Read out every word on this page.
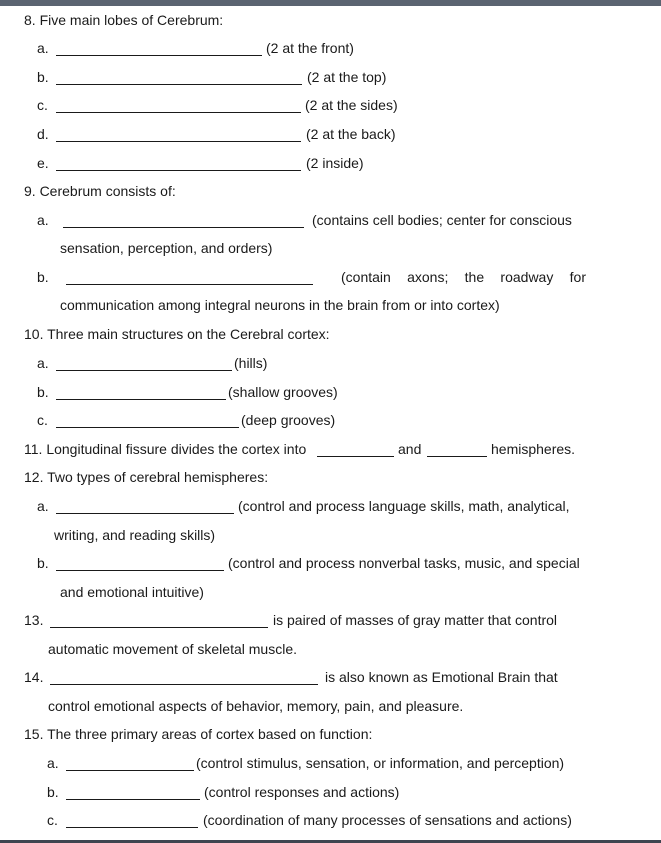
8. Five main lobes of Cerebrum:
a.	(2 at the front)
b.	(2 at the top)
c.	(2 at the sides)
d.	(2 at the back)
e.	(2 inside)
9. Cerebrum consists of:
a.	(contains cell bodies; center for conscious
sensation, perception, and orders)
b.	(contain axons; the roadway for
communication among integral neurons in the brain from or into cortex)
10. Three main structures on the Cerebral cortex:
a.	(hills)
b.	(shallow grooves)
c.	(deep grooves)
11. Longitudinal fissure divides the cortex into	and	hemispheres.
12. Two types of cerebral hemispheres:
a.	(control and process language skills, math, analytical,
writing, and reading skills)
b.	(control and process nonverbal tasks, music, and special
and emotional intuitive)
13.	is paired of masses of gray matter that control
automatic movement of skeletal muscle.
14.	is also known as Emotional Brain that
control emotional aspects of behavior, memory, pain, and pleasure.
15. The three primary areas of cortex based on function:
a.	(control stimulus, sensation, or information, and perception)
b.	(control responses and actions)
c.	(coordination of many processes of sensations and actions)
